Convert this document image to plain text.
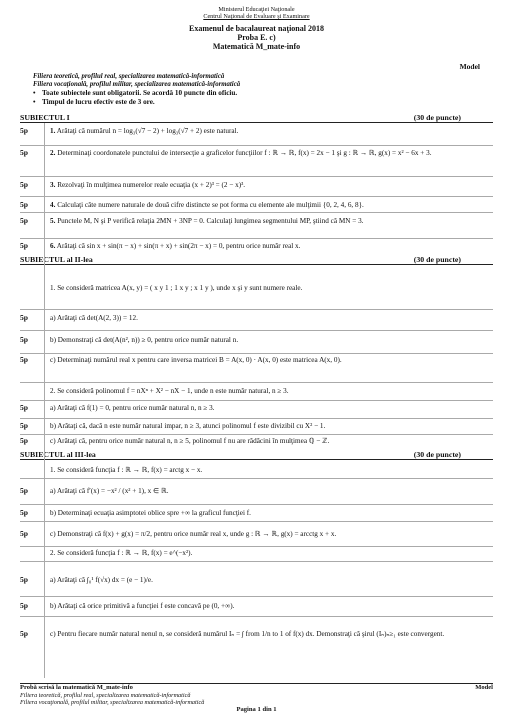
Ministerul Educaţiei Naţionale
Centrul Naţional de Evaluare şi Examinare
Examenul de bacalaureat naţional 2018
Proba E. c)
Matematică M_mate-info
Model
Filiera teoretică, profilul real, specializarea matematică-informatică
Filiera vocaţională, profilul militar, specializarea matematică-informatică
• Toate subiectele sunt obligatorii. Se acordă 10 puncte din oficiu.
• Timpul de lucru efectiv este de 3 ore.
SUBIECTUL I	(30 de puncte)
5p	1. Arătaţi că numărul n = log₃(√7 − 2) + log₃(√7 + 2) este natural.
5p	2. Determinaţi coordonatele punctului de intersecţie a graficelor funcţiilor f : ℝ → ℝ, f(x) = 2x − 1 şi g : ℝ → ℝ, g(x) = x² − 6x + 3.
5p	3. Rezolvaţi în mulţimea numerelor reale ecuaţia (x + 2)³ = (2 − x)³.
5p	4. Calculaţi câte numere naturale de două cifre distincte se pot forma cu elemente ale mulţimii {0, 2, 4, 6, 8}.
5p	5. Punctele M, N şi P verifică relaţia 2MN + 3NP = 0. Calculaţi lungimea segmentului MP, ştiind că MN = 3.
5p	6. Arătaţi că sin x + sin(π − x) + sin(π + x) + sin(2π − x) = 0, pentru orice număr real x.
SUBIECTUL al II-lea	(30 de puncte)
1. Se consideră matricea A(x, y) = ( x y 1 ; 1 x y ; x 1 y ), unde x şi y sunt numere reale.
5p	a) Arătaţi că det(A(2, 3)) = 12.
5p	b) Demonstraţi că det(A(n², n)) ≥ 0, pentru orice număr natural n.
5p	c) Determinaţi numărul real x pentru care inversa matricei B = A(x, 0) · A(x, 0) este matricea A(x, 0).
2. Se consideră polinomul f = nXⁿ + X² − nX − 1, unde n este număr natural, n ≥ 3.
5p	a) Arătaţi că f(1) = 0, pentru orice număr natural n, n ≥ 3.
5p	b) Arătaţi că, dacă n este număr natural impar, n ≥ 3, atunci polinomul f este divizibil cu X² − 1.
5p	c) Arătaţi că, pentru orice număr natural n, n ≥ 5, polinomul f nu are rădăcini în mulţimea ℚ − ℤ.
SUBIECTUL al III-lea	(30 de puncte)
1. Se consideră funcţia f : ℝ → ℝ, f(x) = arctg x − x.
5p	a) Arătaţi că f′(x) = −x² / (x² + 1), x ∈ ℝ.
5p	b) Determinaţi ecuaţia asimptotei oblice spre +∞ la graficul funcţiei f.
5p	c) Demonstraţi că f(x) + g(x) = π/2, pentru orice număr real x, unde g : ℝ → ℝ, g(x) = arcctg x + x.
2. Se consideră funcţia f : ℝ → ℝ, f(x) = e^(−x²).
5p	a) Arătaţi că ∫₀¹ f(√x) dx = (e − 1)/e.
5p	b) Arătaţi că orice primitivă a funcţiei f este concavă pe (0, +∞).
5p	c) Pentru fiecare număr natural nenul n, se consideră numărul Iₙ = ∫ from 1/n to 1 of f(x) dx. Demonstraţi că şirul (Iₙ)ₙ≥₁ este convergent.
Probă scrisă la matematică M_mate-info	Model
Filiera teoretică, profilul real, specializarea matematică-informatică
Filiera vocaţională, profilul militar, specializarea matematică-informatică
Pagina 1 din 1
